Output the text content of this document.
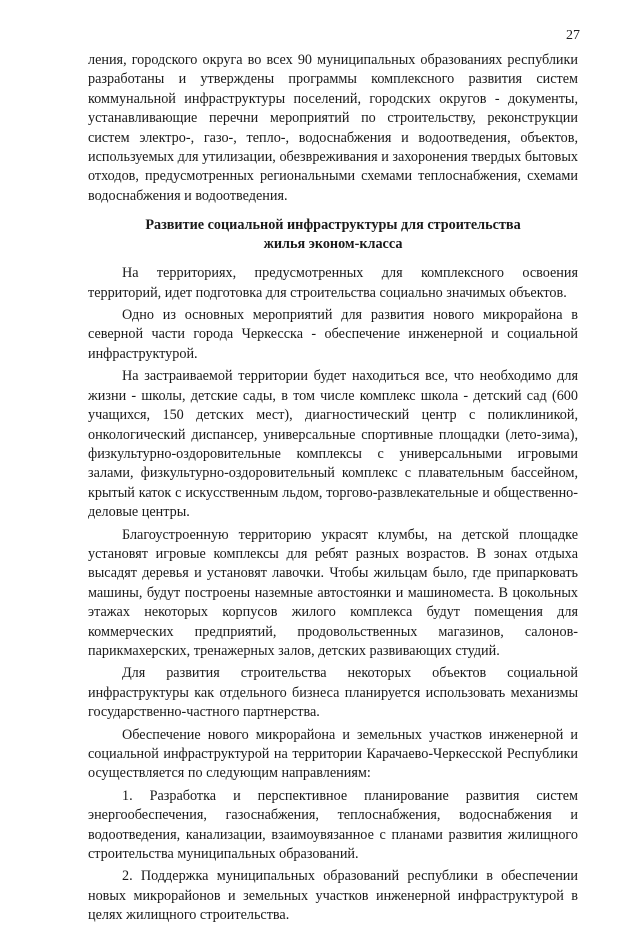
27

ления, городского округа во всех 90 муниципальных образованиях республики разработаны и утверждены программы комплексного развития систем коммунальной инфраструктуры поселений, городских округов - документы, устанавливающие перечни мероприятий по строительству, реконструкции систем электро-, газо-, тепло-, водоснабжения и водоотведения, объектов, используемых для утилизации, обезвреживания и захоронения твердых бытовых отходов, предусмотренных региональными схемами теплоснабжения, схемами водоснабжения и водоотведения.

Развитие социальной инфраструктуры для строительства
жилья эконом-класса

На территориях, предусмотренных для комплексного освоения территорий, идет подготовка для строительства социально значимых объектов.

Одно из основных мероприятий для развития нового микрорайона в северной части города Черкесска - обеспечение инженерной и социальной инфраструктурой.

На застраиваемой территории будет находиться все, что необходимо для жизни - школы, детские сады, в том числе комплекс школа - детский сад (600 учащихся, 150 детских мест), диагностический центр с поликлиникой, онкологический диспансер, универсальные спортивные площадки (лето-зима), физкультурно-оздоровительные комплексы с универсальными игровыми залами, физкультурно-оздоровительный комплекс с плавательным бассейном, крытый каток с искусственным льдом, торгово-развлекательные и общественно-деловые центры.

Благоустроенную территорию украсят клумбы, на детской площадке установят игровые комплексы для ребят разных возрастов. В зонах отдыха высадят деревья и установят лавочки. Чтобы жильцам было, где припарковать машины, будут построены наземные автостоянки и машиноместа. В цокольных этажах некоторых корпусов жилого комплекса будут помещения для коммерческих предприятий, продовольственных магазинов, салонов-парикмахерских, тренажерных залов, детских развивающих студий.

Для развития строительства некоторых объектов социальной инфраструктуры как отдельного бизнеса планируется использовать механизмы государственно-частного партнерства.

Обеспечение нового микрорайона и земельных участков инженерной и социальной инфраструктурой на территории Карачаево-Черкесской Республики осуществляется по следующим направлениям:

1. Разработка и перспективное планирование развития систем энергообеспечения, газоснабжения, теплоснабжения, водоснабжения и водоотведения, канализации, взаимоувязанное с планами развития жилищного строительства муниципальных образований.

2. Поддержка муниципальных образований республики в обеспечении новых микрорайонов и земельных участков инженерной инфраструктурой в целях жилищного строительства.
